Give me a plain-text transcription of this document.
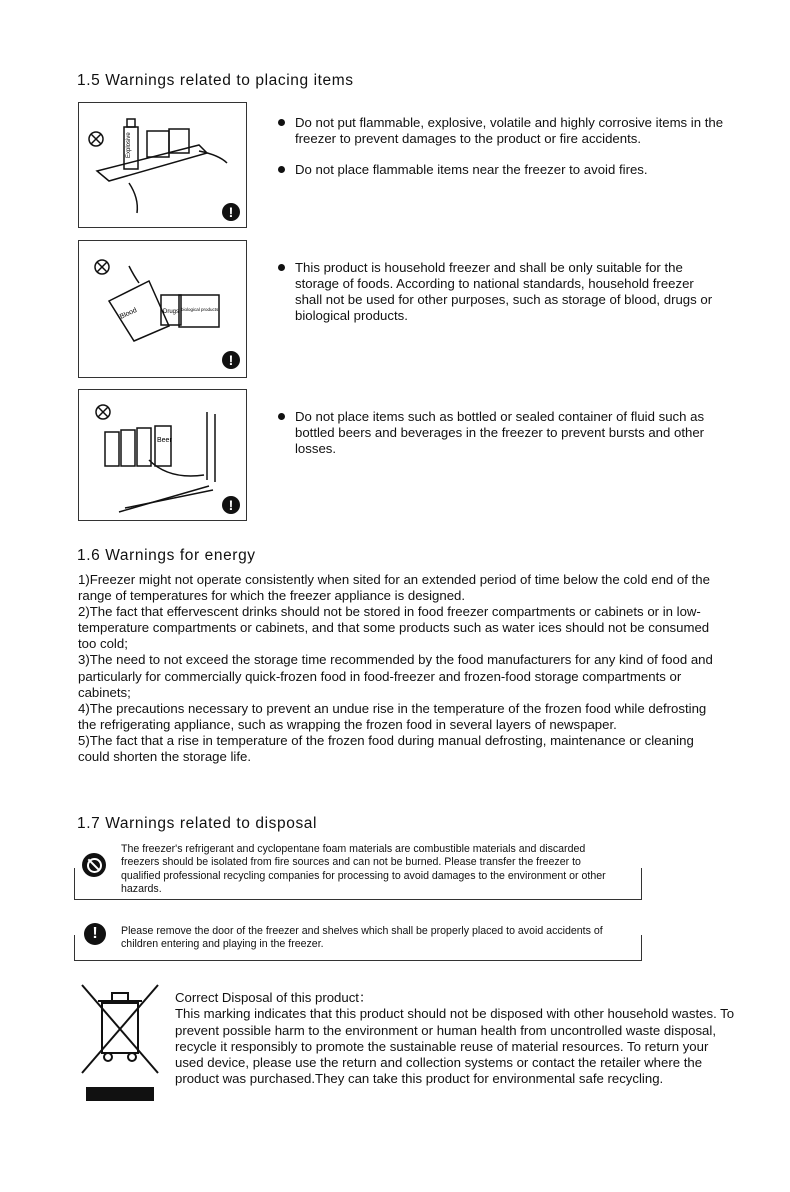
1.5 Warnings related to placing items
Explosive
!
Do not put flammable, explosive, volatile and highly corrosive items in the freezer to prevent damages to the product or fire accidents.
Do not place flammable items near the freezer to avoid fires.
Blood	Drugs biological products
!
This product is household freezer and shall be only suitable for the storage of foods. According to national standards, household freezer shall not be used for other purposes, such as storage of blood, drugs or biological products.
Beer
!
Do not place items such as bottled or sealed container of fluid such as bottled beers and beverages in the freezer to prevent bursts and other losses.
1.6 Warnings for energy
1)Freezer might not operate consistently when sited for an extended period of time below the cold end of the range of temperatures for which the freezer appliance is designed.
2)The fact that effervescent drinks should not be stored in food freezer compartments or cabinets or in low-temperature compartments or cabinets, and that some products such as water ices should not be consumed too cold;
3)The need to not exceed the storage time recommended by the food manufacturers for any kind of food and particularly for commercially quick-frozen food in food-freezer and frozen-food storage compartments or cabinets;
4)The precautions necessary to prevent an undue rise in the temperature of the frozen food while defrosting the refrigerating appliance, such as wrapping the frozen food in several layers of newspaper.
5)The fact that a rise in temperature of the frozen food during manual defrosting, maintenance or cleaning could shorten the storage life.
1.7 Warnings related to disposal
The freezer's refrigerant and cyclopentane foam materials are combustible materials and discarded freezers should be isolated from fire sources and can not be burned. Please transfer the freezer to qualified professional recycling companies for processing to avoid damages to the environment or other hazards.
!	Please remove the door of the freezer and shelves which shall be properly placed to avoid accidents of children entering and playing in the freezer.
Correct Disposal of this product：
This marking indicates that this product should not be disposed with other household wastes. To prevent possible harm to the environment or human health from uncontrolled waste disposal, recycle it responsibly to promote the sustainable reuse of material resources. To return your used device, please use the return and collection systems or contact the retailer where the product was purchased.They can take this product for environmental safe recycling.
